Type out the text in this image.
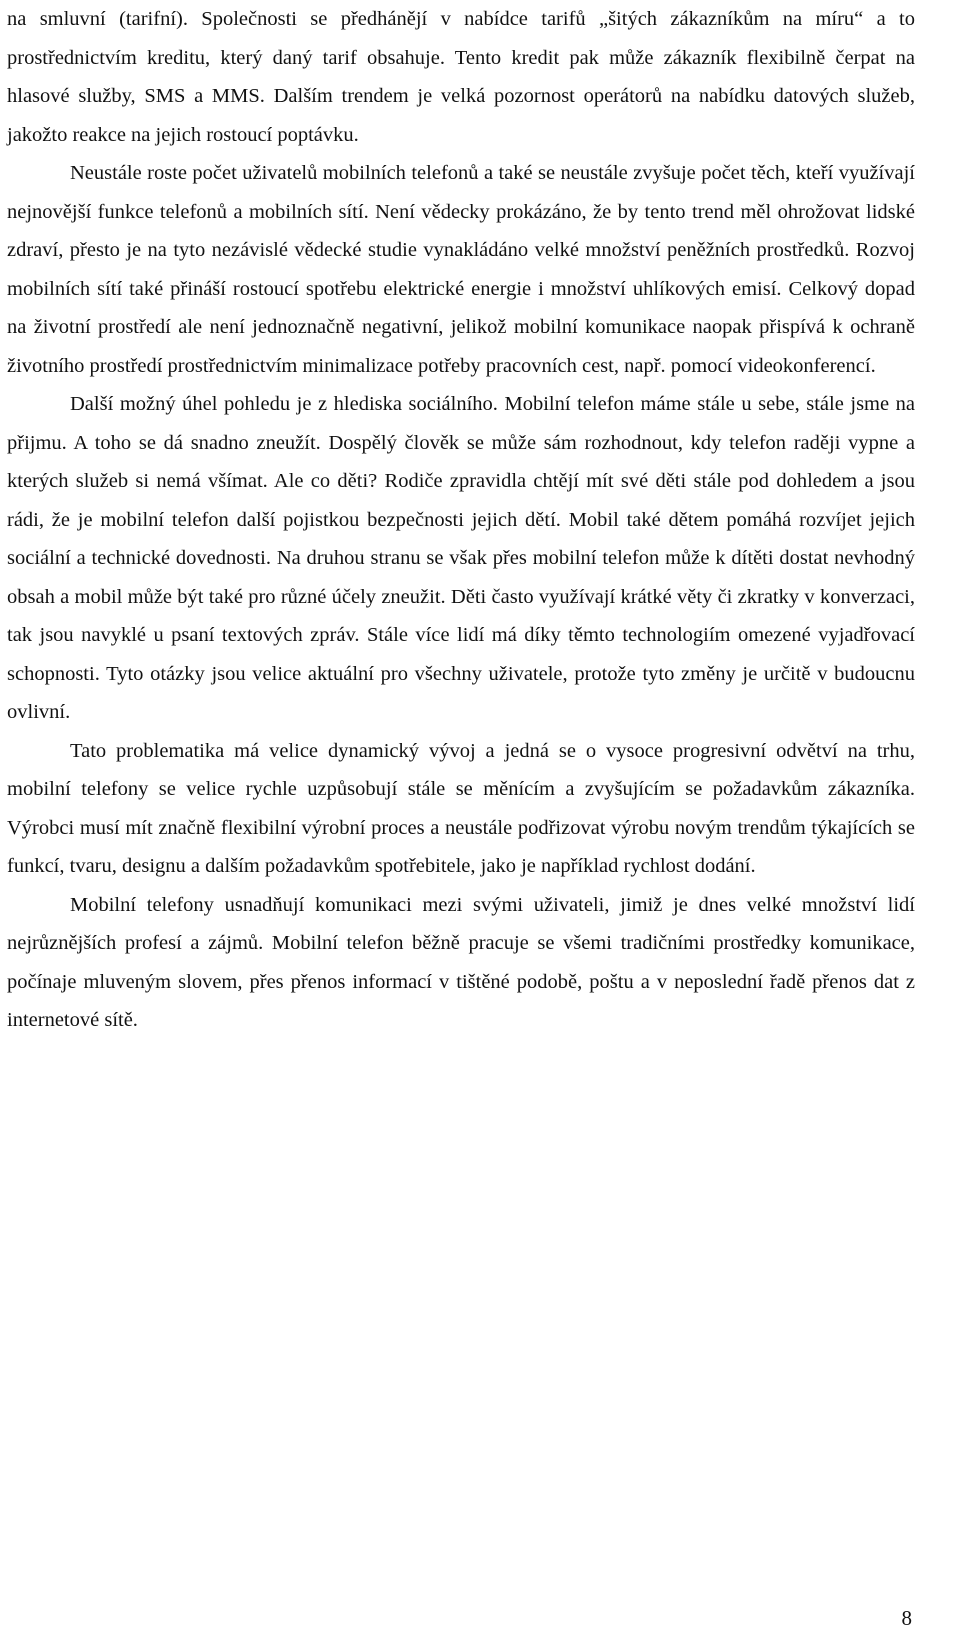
na smluvní (tarifní). Společnosti se předhánějí v nabídce tarifů „šitých zákazníkům na míru“ a to prostřednictvím kreditu, který daný tarif obsahuje. Tento kredit pak může zákazník flexibilně čerpat na hlasové služby, SMS a MMS. Dalším trendem je velká pozornost operátorů na nabídku datových služeb, jakožto reakce na jejich rostoucí poptávku.

Neustále roste počet uživatelů mobilních telefonů a také se neustále zvyšuje počet těch, kteří využívají nejnovější funkce telefonů a mobilních sítí. Není vědecky prokázáno, že by tento trend měl ohrožovat lidské zdraví, přesto je na tyto nezávislé vědecké studie vynakládáno velké množství peněžních prostředků. Rozvoj mobilních sítí také přináší rostoucí spotřebu elektrické energie i množství uhlíkových emisí. Celkový dopad na životní prostředí ale není jednoznačně negativní, jelikož mobilní komunikace naopak přispívá k ochraně životního prostředí prostřednictvím minimalizace potřeby pracovních cest, např. pomocí videokonferencí.

Další možný úhel pohledu je z hlediska sociálního. Mobilní telefon máme stále u sebe, stále jsme na přijmu. A toho se dá snadno zneužít. Dospělý člověk se může sám rozhodnout, kdy telefon raději vypne a kterých služeb si nemá všímat. Ale co děti? Rodiče zpravidla chtějí mít své děti stále pod dohledem a jsou rádi, že je mobilní telefon další pojistkou bezpečnosti jejich dětí. Mobil také dětem pomáhá rozvíjet jejich sociální a technické dovednosti. Na druhou stranu se však přes mobilní telefon může k dítěti dostat nevhodný obsah a mobil může být také pro různé účely zneužit. Děti často využívají krátké věty či zkratky v konverzaci, tak jsou navyklé u psaní textových zpráv. Stále více lidí má díky těmto technologiím omezené vyjadřovací schopnosti. Tyto otázky jsou velice aktuální pro všechny uživatele, protože tyto změny je určitě v budoucnu ovlivní.

Tato problematika má velice dynamický vývoj a jedná se o vysoce progresivní odvětví na trhu, mobilní telefony se velice rychle uzpůsobují stále se měnícím a zvyšujícím se požadavkům zákazníka. Výrobci musí mít značně flexibilní výrobní proces a neustále podřizovat výrobu novým trendům týkajících se funkcí, tvaru, designu a dalším požadavkům spotřebitele, jako je například rychlost dodání.

Mobilní telefony usnadňují komunikaci mezi svými uživateli, jimiž je dnes velké množství lidí nejrůznějších profesí a zájmů. Mobilní telefon běžně pracuje se všemi tradičními prostředky komunikace, počínaje mluveným slovem, přes přenos informací v tištěné podobě, poštu a v neposlední řadě přenos dat z internetové sítě.

8
